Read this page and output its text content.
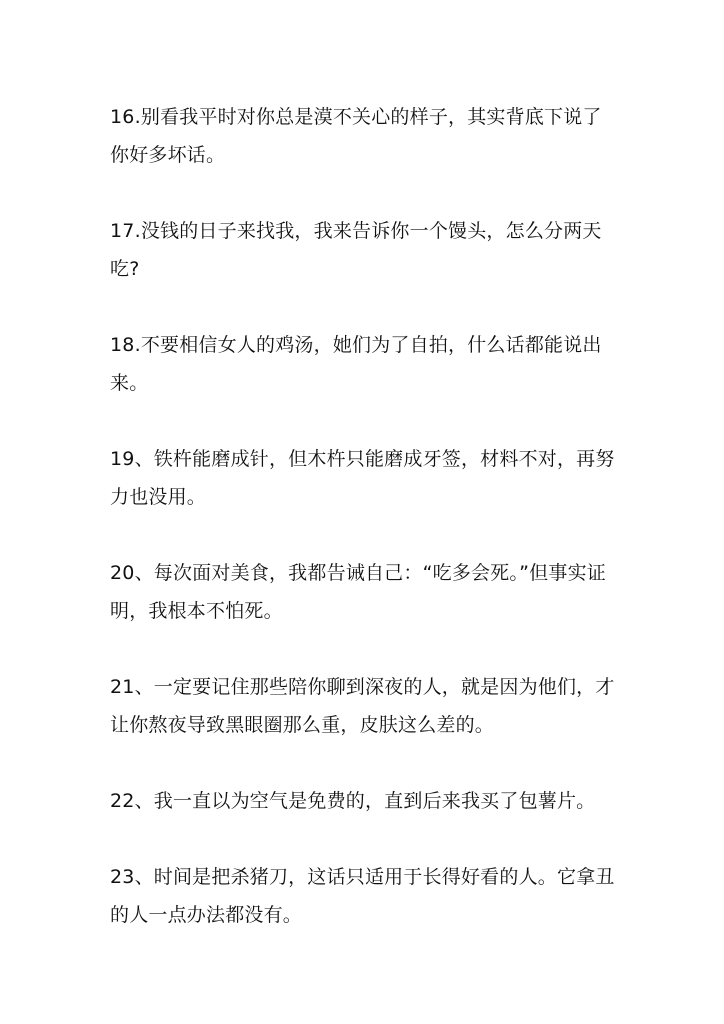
16.别看我平时对你总是漠不关心的样子，其实背底下说了你好多坏话。

17.没钱的日子来找我，我来告诉你一个馒头，怎么分两天吃?

18.不要相信女人的鸡汤，她们为了自拍，什么话都能说出来。

19、铁杵能磨成针，但木杵只能磨成牙签，材料不对，再努力也没用。

20、每次面对美食，我都告诫自己：“吃多会死。”但事实证明，我根本不怕死。

21、一定要记住那些陪你聊到深夜的人，就是因为他们，才让你熬夜导致黑眼圈那么重，皮肤这么差的。

22、我一直以为空气是免费的，直到后来我买了包薯片。

23、时间是把杀猪刀，这话只适用于长得好看的人。它拿丑的人一点办法都没有。
